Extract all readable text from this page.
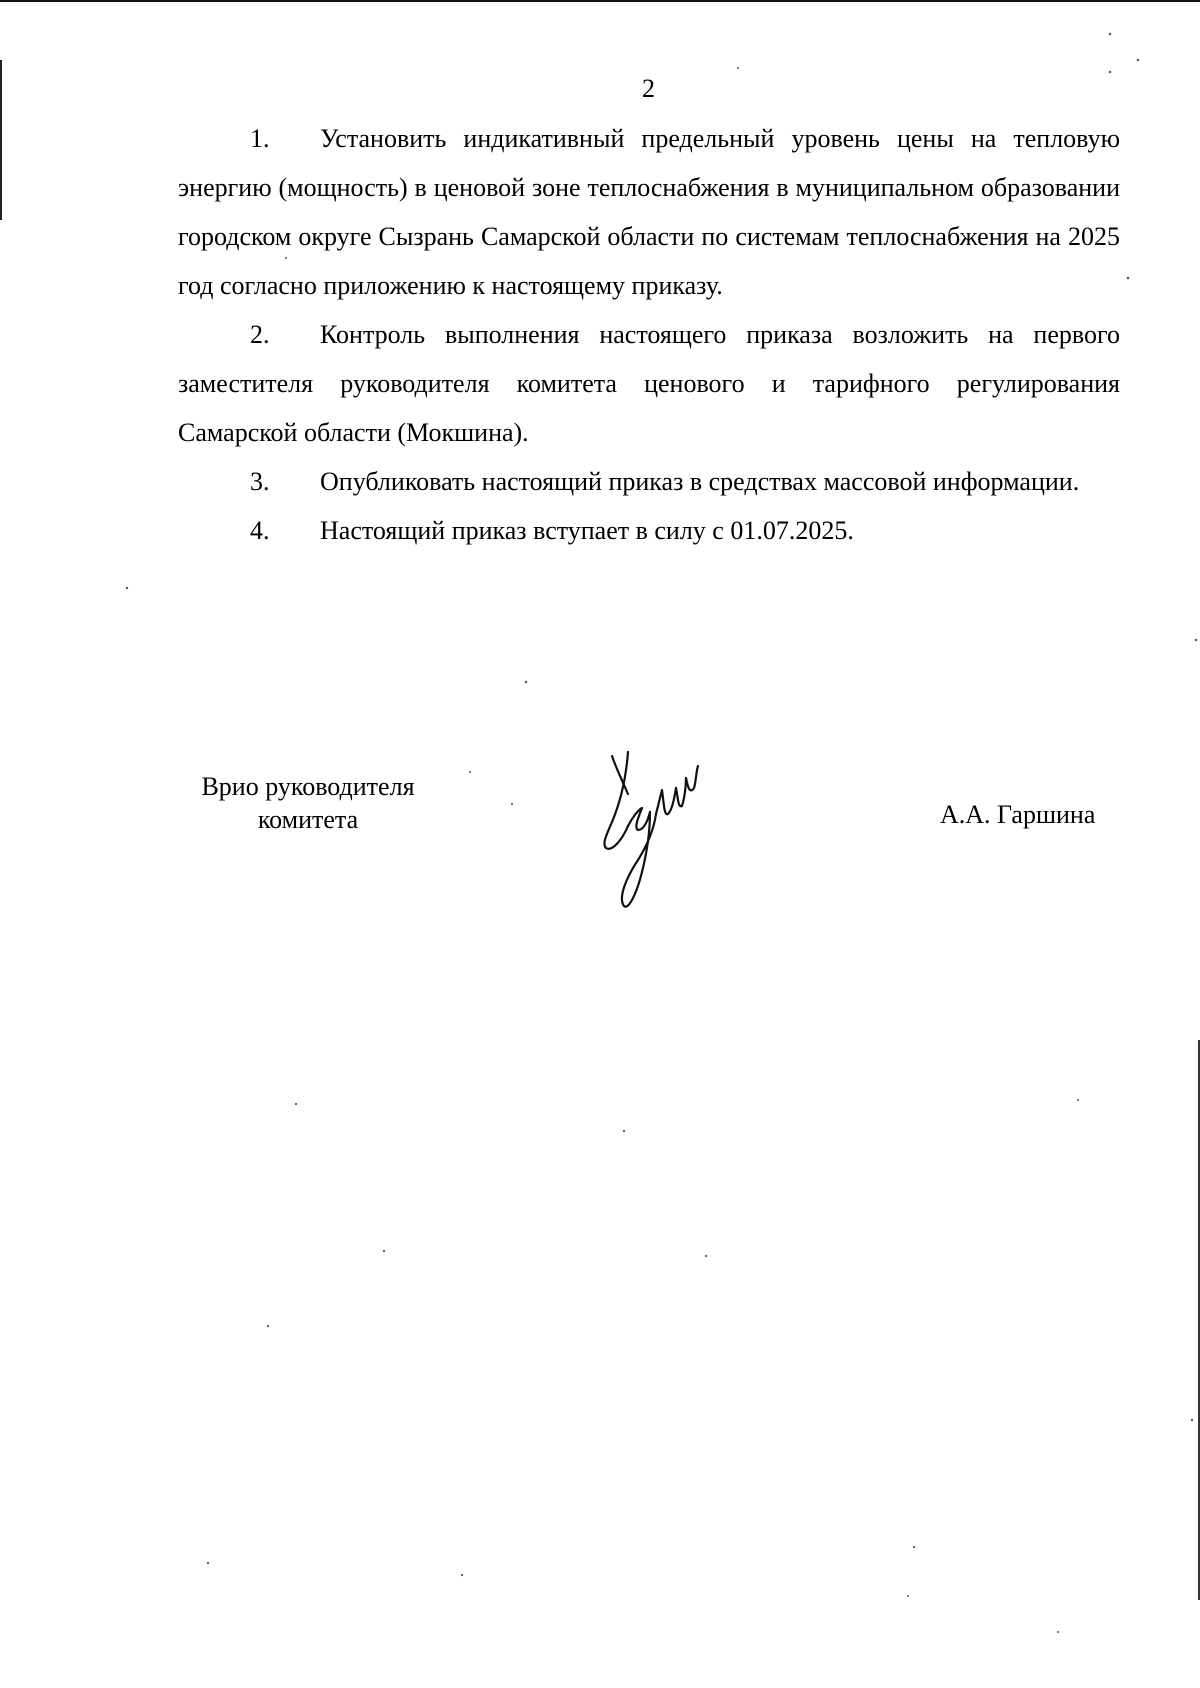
2

1. Установить индикативный предельный уровень цены на тепловую энергию (мощность) в ценовой зоне теплоснабжения в муниципальном образовании городском округе Сызрань Самарской области по системам теплоснабжения на 2025 год согласно приложению к настоящему приказу.

2. Контроль выполнения настоящего приказа возложить на первого заместителя руководителя комитета ценового и тарифного регулирования Самарской области (Мокшина).

3. Опубликовать настоящий приказ в средствах массовой информации.

4. Настоящий приказ вступает в силу с 01.07.2025.

Врио руководителя
комитета	А.А. Гаршина
